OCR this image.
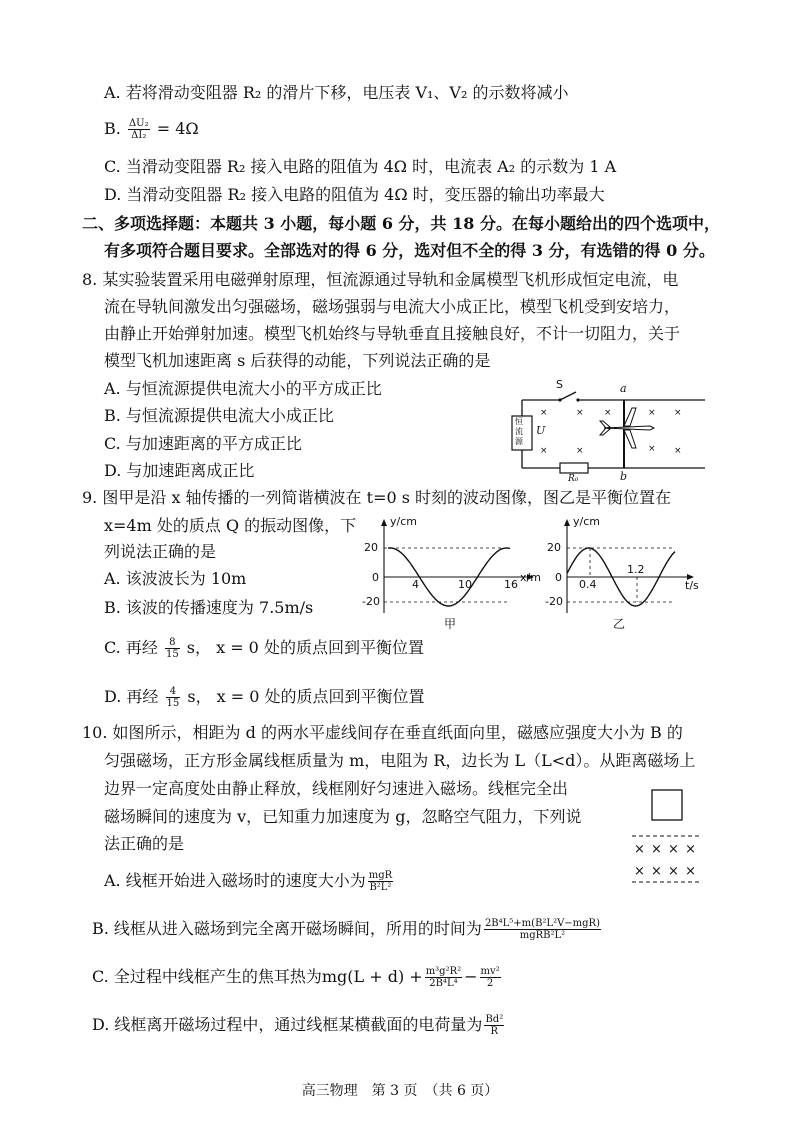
A. 若将滑动变阻器 R₂ 的滑片下移，电压表 V₁、V₂ 的示数将减小
B. $\frac{\text{ΔU₂}}{\text{ΔI₂}} = 4\Omega$
C. 当滑动变阻器 R₂ 接入电路的阻值为 4Ω 时，电流表 A₂ 的示数为 1 A
D. 当滑动变阻器 R₂ 接入电路的阻值为 4Ω 时，变压器的输出功率最大
二、多项选择题：本题共 3 小题，每小题 6 分，共 18 分。在每小题给出的四个选项中，
有多项符合题目要求。全部选对的得 6 分，选对但不全的得 3 分，有选错的得 0 分。
8. 某实验装置采用电磁弹射原理，恒流源通过导轨和金属模型飞机形成恒定电流，电
流在导轨间激发出匀强磁场，磁场强弱与电流大小成正比，模型飞机受到安培力，
由静止开始弹射加速。模型飞机始终与导轨垂直且接触良好，不计一切阻力，关于
模型飞机加速距离 s 后获得的动能，下列说法正确的是
A. 与恒流源提供电流大小的平方成正比
B. 与恒流源提供电流大小成正比
C. 与加速距离的平方成正比
D. 与加速距离成正比
S	a
b
恒流源
U
R₀
×	× ×	× ×
×	×	× ×
9. 图甲是沿 x 轴传播的一列简谐横波在 t=0 s 时刻的波动图像，图乙是平衡位置在
x=4m 处的质点 Q 的振动图像，下
列说法正确的是
A. 该波波长为 10m
B. 该波的传播速度为 7.5m/s
C. 再经 $\frac{8}{15}$ s， x = 0 处的质点回到平衡位置
D. 再经 $\frac{4}{15}$ s， x = 0 处的质点回到平衡位置
y/cm
x/m
20
0
-20
4	10	16
甲
y/cm
t/s
20
0
-20
0.4
1.2
乙
10. 如图所示，相距为 d 的两水平虚线间存在垂直纸面向里，磁感应强度大小为 B 的
匀强磁场，正方形金属线框质量为 m，电阻为 R，边长为 L（L<d）。从距离磁场上
边界一定高度处由静止释放，线框刚好匀速进入磁场。线框完全出
磁场瞬间的速度为 v，已知重力加速度为 g，忽略空气阻力，下列说
法正确的是
A. 线框开始进入磁场时的速度大小为 $\frac{\text{mgR}}{\text{B²L²}}$
B. 线框从进入磁场到完全离开磁场瞬间，所用的时间为 $\frac{\text{2B⁴L⁵+m(B²L²V−mgR)}}{\text{mgRB²L²}}$
C. 全过程中线框产生的焦耳热为$mg(L + d) + \frac{\text{m³g²R²}}{\text{2B⁴L⁴}} - \frac{\text{mv²}}{2}$
D. 线框离开磁场过程中，通过线框某横截面的电荷量为 $\frac{\text{Bd²}}{R}$
× × × ×
× × × ×
高三物理　第 3 页　（共 6 页）
